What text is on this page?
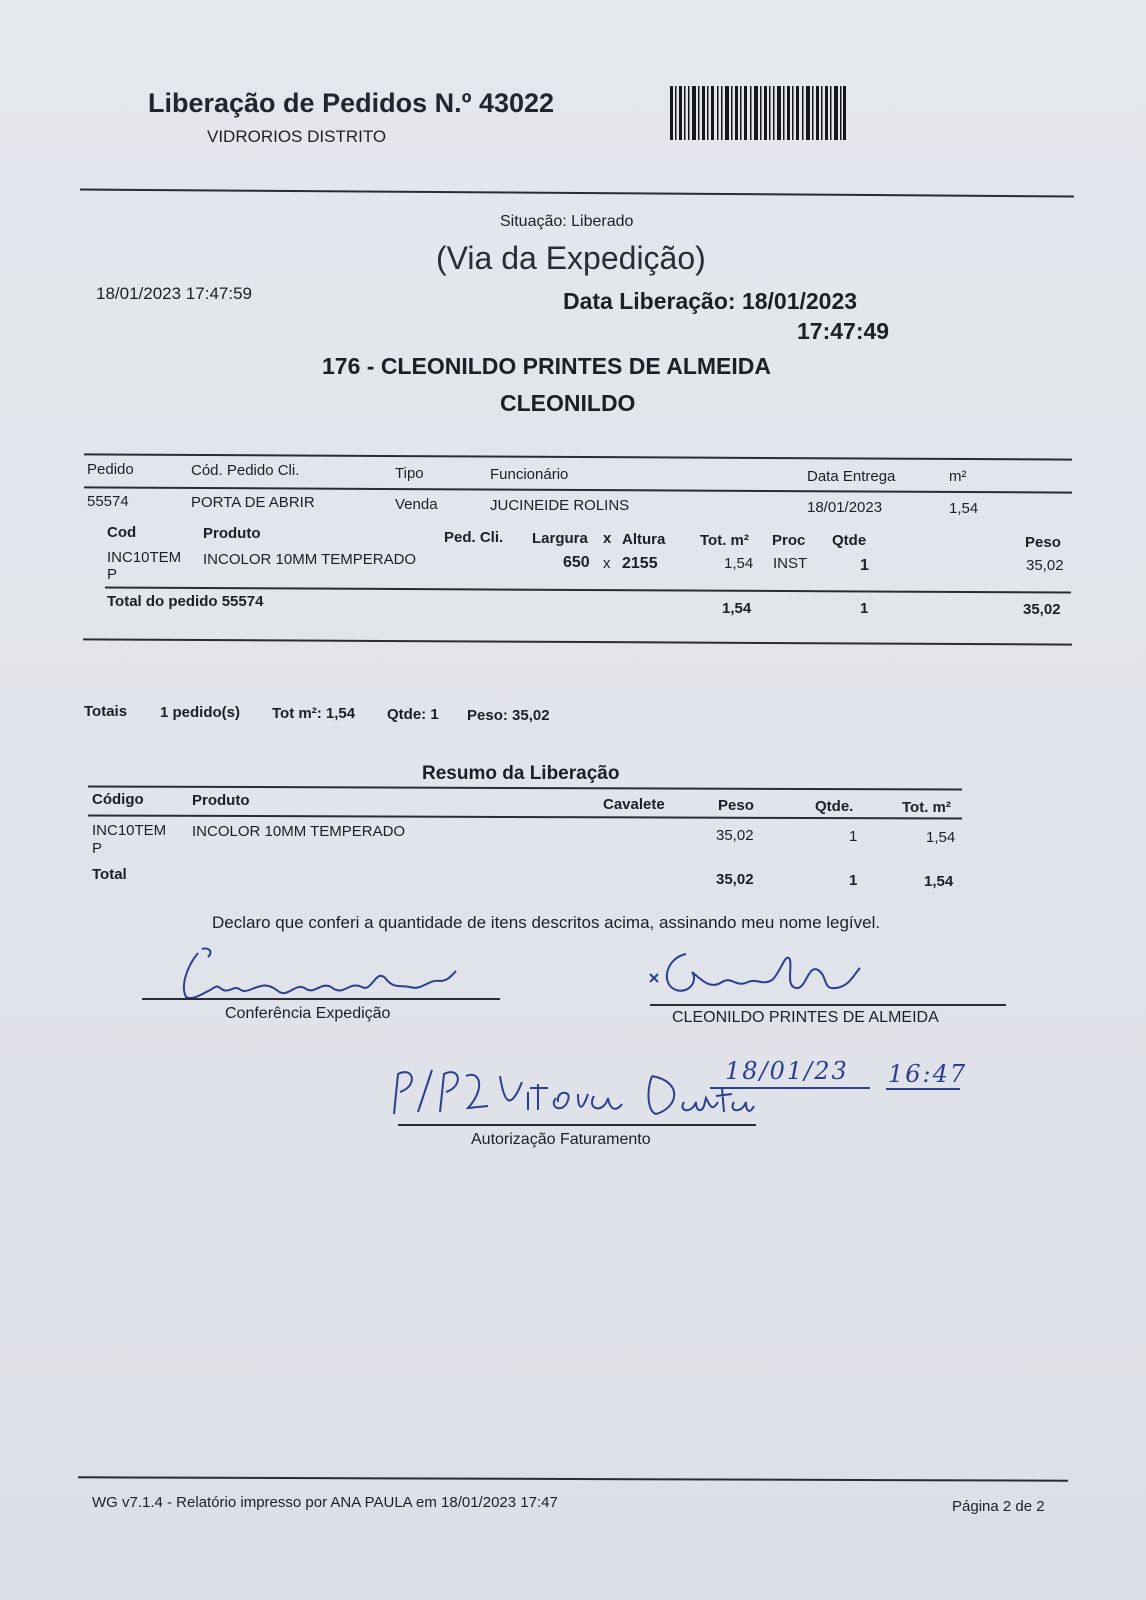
Liberação de Pedidos N.º 43022
VIDRORIOS DISTRITO
Situação: Liberado
(Via da Expedição)
18/01/2023 17:47:59	Data Liberação: 18/01/2023
17:47:49
176 - CLEONILDO PRINTES DE ALMEIDA
CLEONILDO
Pedido	Cód. Pedido Cli.	Tipo	Funcionário	Data Entrega	m²
55574	PORTA DE ABRIR	Venda	JUCINEIDE ROLINS	18/01/2023	1,54
Cod	Produto	Ped. Cli. Largura x Altura Tot. m² Proc Qtde	Peso
INC10TEM
P
INCOLOR 10MM TEMPERADO	650 x 2155	1,54 INST	1	35,02
Total do pedido 55574	1,54	1	35,02
Totais 1 pedido(s) Tot m²: 1,54 Qtde: 1 Peso: 35,02
Resumo da Liberação
Código	Produto	Cavalete	Peso	Qtde.	Tot. m²
INC10TEM
P
INCOLOR 10MM TEMPERADO	35,02	1	1,54
Total	35,02	1	1,54
Declaro que conferi a quantidade de itens descritos acima, assinando meu nome legível.
Conferência Expedição	CLEONILDO PRINTES DE ALMEIDA
Autorização Faturamento
18/01/23 16:47
WG v7.1.4 - Relatório impresso por ANA PAULA em 18/01/2023 17:47	Página 2 de 2
